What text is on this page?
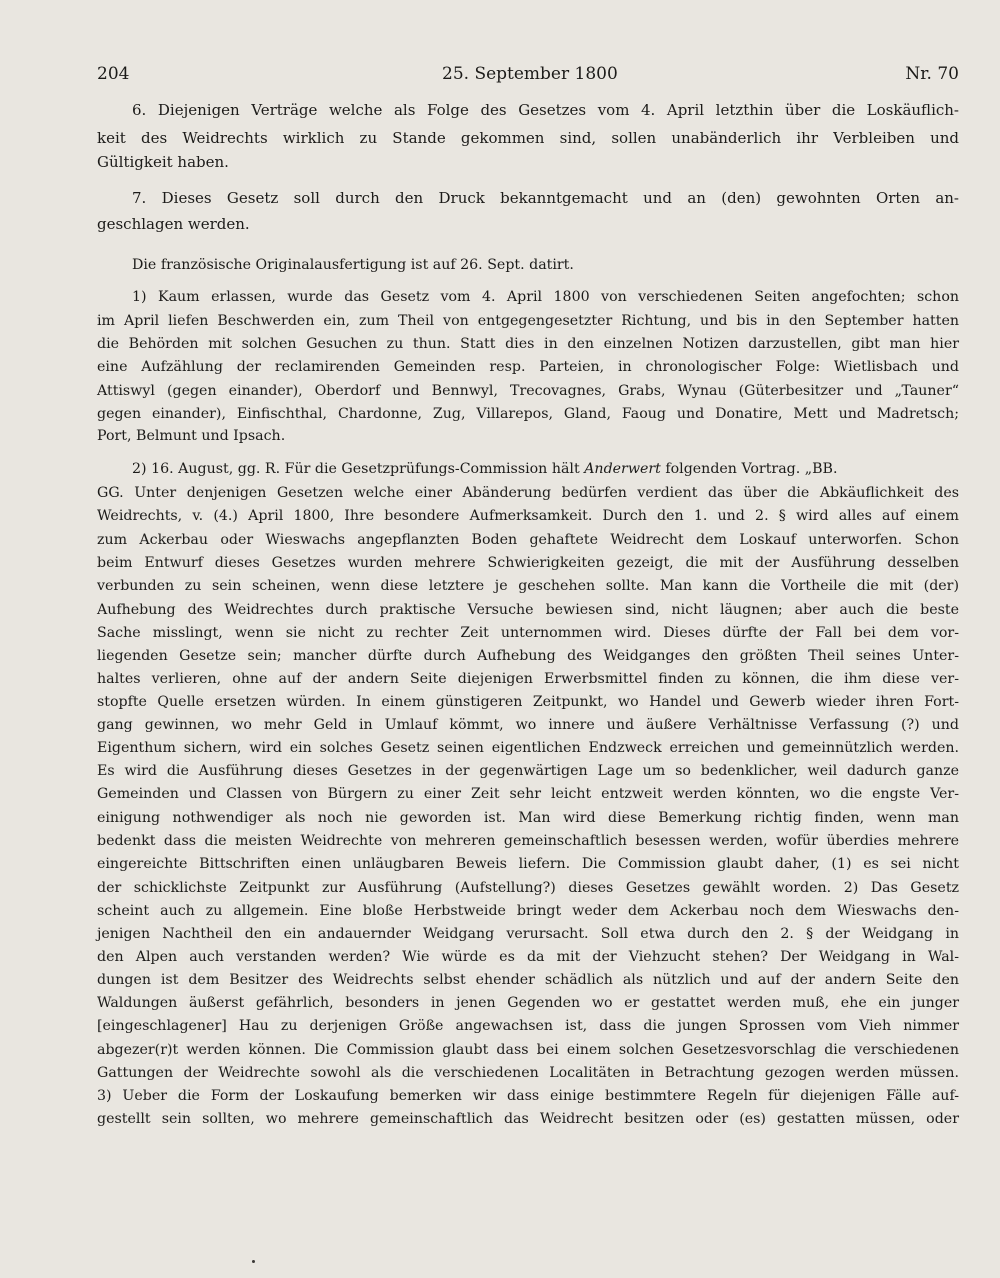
204	25. September 1800	Nr. 70
6. Diejenigen Verträge welche als Folge des Gesetzes vom 4. April letzthin über die Loskäuflich-
keit des Weidrechts wirklich zu Stande gekommen sind, sollen unabänderlich ihr Verbleiben und
Gültigkeit haben.
7. Dieses Gesetz soll durch den Druck bekanntgemacht und an (den) gewohnten Orten an-
geschlagen werden.
Die französische Originalausfertigung ist auf 26. Sept. datirt.
1) Kaum erlassen, wurde das Gesetz vom 4. April 1800 von verschiedenen Seiten angefochten; schon
im April liefen Beschwerden ein, zum Theil von entgegengesetzter Richtung, und bis in den September hatten
die Behörden mit solchen Gesuchen zu thun. Statt dies in den einzelnen Notizen darzustellen, gibt man hier
eine Aufzählung der reclamirenden Gemeinden resp. Parteien, in chronologischer Folge: Wietlisbach und
Attiswyl (gegen einander), Oberdorf und Bennwyl, Trecovagnes, Grabs, Wynau (Güterbesitzer und „Tauner“
gegen einander), Einfischthal, Chardonne, Zug, Villarepos, Gland, Faoug und Donatire, Mett und Madretsch;
Port, Belmunt und Ipsach.
2) 16. August, gg. R. Für die Gesetzprüfungs-Commission hält Anderwert folgenden Vortrag. „BB.
GG. Unter denjenigen Gesetzen welche einer Abänderung bedürfen verdient das über die Abkäuflichkeit des
Weidrechts, v. (4.) April 1800, Ihre besondere Aufmerksamkeit. Durch den 1. und 2. § wird alles auf einem
zum Ackerbau oder Wieswachs angepflanzten Boden gehaftete Weidrecht dem Loskauf unterworfen. Schon
beim Entwurf dieses Gesetzes wurden mehrere Schwierigkeiten gezeigt, die mit der Ausführung desselben
verbunden zu sein scheinen, wenn diese letztere je geschehen sollte. Man kann die Vortheile die mit (der)
Aufhebung des Weidrechtes durch praktische Versuche bewiesen sind, nicht läugnen; aber auch die beste
Sache misslingt, wenn sie nicht zu rechter Zeit unternommen wird. Dieses dürfte der Fall bei dem vor-
liegenden Gesetze sein; mancher dürfte durch Aufhebung des Weidganges den größten Theil seines Unter-
haltes verlieren, ohne auf der andern Seite diejenigen Erwerbsmittel finden zu können, die ihm diese ver-
stopfte Quelle ersetzen würden. In einem günstigeren Zeitpunkt, wo Handel und Gewerb wieder ihren Fort-
gang gewinnen, wo mehr Geld in Umlauf kömmt, wo innere und äußere Verhältnisse Verfassung (?) und
Eigenthum sichern, wird ein solches Gesetz seinen eigentlichen Endzweck erreichen und gemeinnützlich werden.
Es wird die Ausführung dieses Gesetzes in der gegenwärtigen Lage um so bedenklicher, weil dadurch ganze
Gemeinden und Classen von Bürgern zu einer Zeit sehr leicht entzweit werden könnten, wo die engste Ver-
einigung nothwendiger als noch nie geworden ist. Man wird diese Bemerkung richtig finden, wenn man
bedenkt dass die meisten Weidrechte von mehreren gemeinschaftlich besessen werden, wofür überdies mehrere
eingereichte Bittschriften einen unläugbaren Beweis liefern. Die Commission glaubt daher, (1) es sei nicht
der schicklichste Zeitpunkt zur Ausführung (Aufstellung?) dieses Gesetzes gewählt worden. 2) Das Gesetz
scheint auch zu allgemein. Eine bloße Herbstweide bringt weder dem Ackerbau noch dem Wieswachs den-
jenigen Nachtheil den ein andauernder Weidgang verursacht. Soll etwa durch den 2. § der Weidgang in
den Alpen auch verstanden werden? Wie würde es da mit der Viehzucht stehen? Der Weidgang in Wal-
dungen ist dem Besitzer des Weidrechts selbst ehender schädlich als nützlich und auf der andern Seite den
Waldungen äußerst gefährlich, besonders in jenen Gegenden wo er gestattet werden muß, ehe ein junger
[eingeschlagener] Hau zu derjenigen Größe angewachsen ist, dass die jungen Sprossen vom Vieh nimmer
abgezer(r)t werden können. Die Commission glaubt dass bei einem solchen Gesetzesvorschlag die verschiedenen
Gattungen der Weidrechte sowohl als die verschiedenen Localitäten in Betrachtung gezogen werden müssen.
3) Ueber die Form der Loskaufung bemerken wir dass einige bestimmtere Regeln für diejenigen Fälle auf-
gestellt sein sollten, wo mehrere gemeinschaftlich das Weidrecht besitzen oder (es) gestatten müssen, oder
